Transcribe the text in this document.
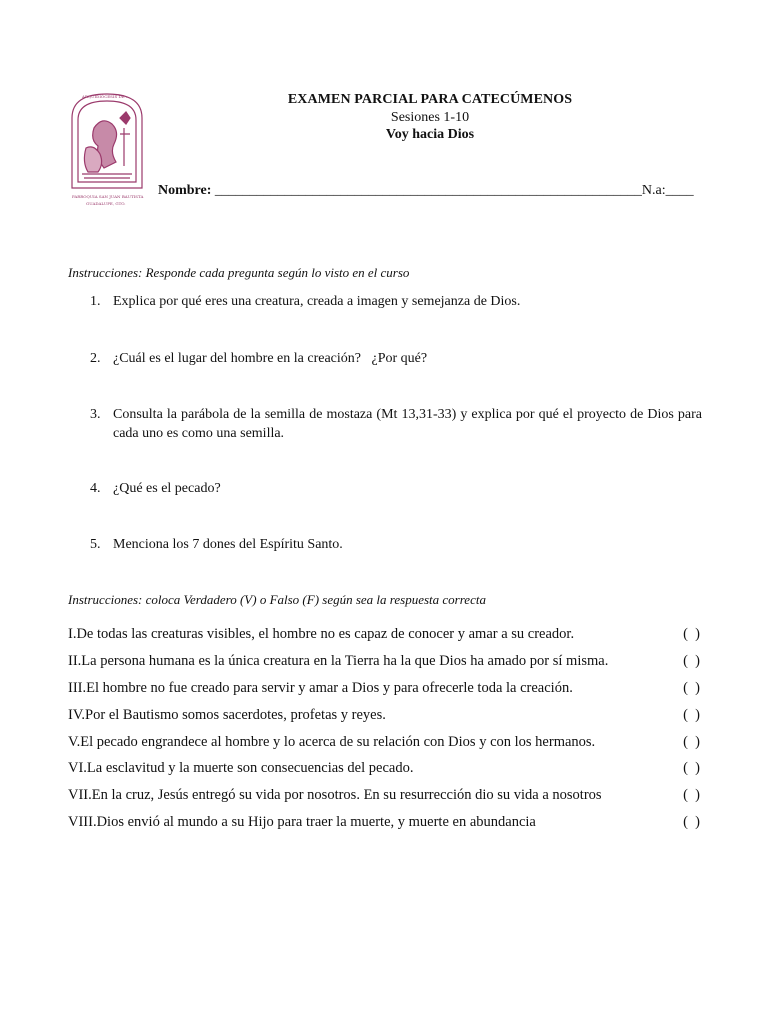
ARQUIDIÓCESIS DE ...
PARROQUIA SAN JUAN BAUTISTA
GUADALUPE, GTO.
EXAMEN PARCIAL PARA CATECÚMENOS
Sesiones 1-10
Voy hacia Dios
Nombre: _____________________________________________________________N.a:____
Instrucciones: Responde cada pregunta según lo visto en el curso
1. Explica por qué eres una creatura, creada a imagen y semejanza de Dios.
2. ¿Cuál es el lugar del hombre en la creación?   ¿Por qué?
3. Consulta la parábola de la semilla de mostaza (Mt 13,31-33) y explica por qué el proyecto de Dios para cada uno es como una semilla.
4. ¿Qué es el pecado?
5. Menciona los 7 dones del Espíritu Santo.
Instrucciones: coloca Verdadero (V) o Falso (F) según sea la respuesta correcta
I.De todas las creaturas visibles, el hombre no es capaz de conocer y amar a su creador.	(  )
II.La persona humana es la única creatura en la Tierra ha la que Dios ha amado por sí misma.	(  )
III.El hombre no fue creado para servir y amar a Dios y para ofrecerle toda la creación.	(  )
IV.Por el Bautismo somos sacerdotes, profetas y reyes.	(  )
V.El pecado engrandece al hombre y lo acerca de su relación con Dios y con los hermanos.	(  )
VI.La esclavitud y la muerte son consecuencias del pecado.	(  )
VII.En la cruz, Jesús entregó su vida por nosotros. En su resurrección dio su vida a nosotros	(  )
VIII.Dios envió al mundo a su Hijo para traer la muerte, y muerte en abundancia	(  )
